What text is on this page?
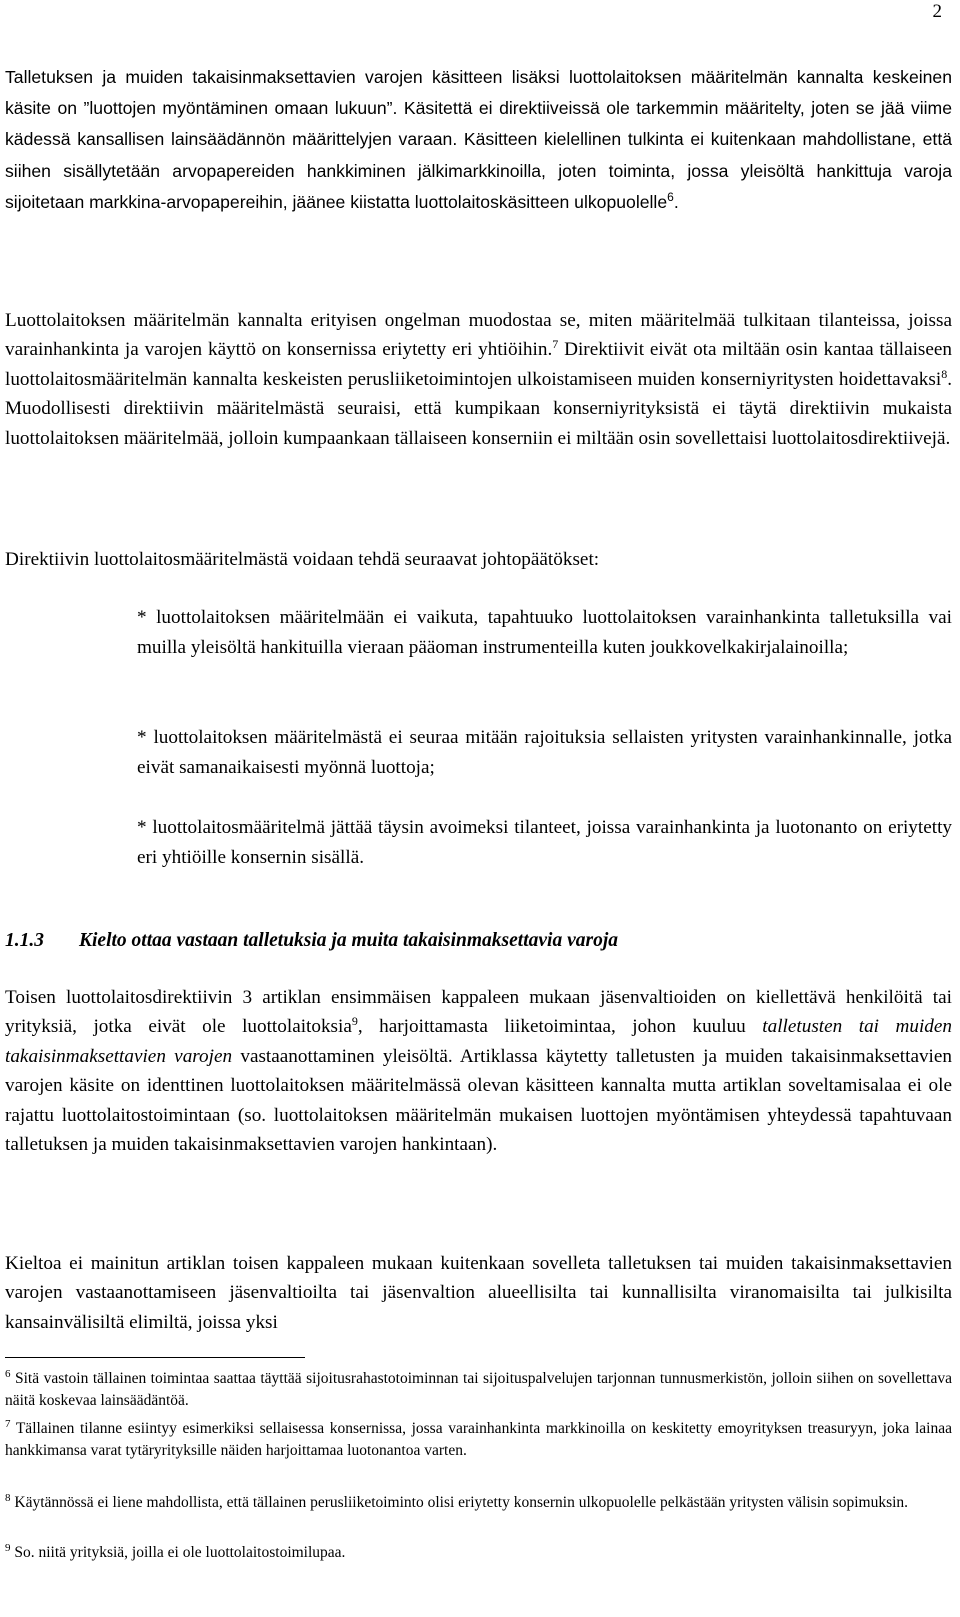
2

Talletuksen ja muiden takaisinmaksettavien varojen käsitteen lisäksi luottolaitoksen määritelmän kannalta keskeinen käsite on ”luottojen myöntäminen omaan lukuun”. Käsitettä ei direktiiveissä ole tarkemmin määritelty, joten se jää viime kädessä kansallisen lainsäädännön määrittelyjen varaan. Käsitteen kielellinen tulkinta ei kuitenkaan mahdollistane, että siihen sisällytetään arvopapereiden hankkiminen jälkimarkkinoilla, joten toiminta, jossa yleisöltä hankittuja varoja sijoitetaan markkina-arvopapereihin, jäänee kiistatta luottolaitoskäsitteen ulkopuolelle$^6$.

Luottolaitoksen määritelmän kannalta erityisen ongelman muodostaa se, miten määritelmää tulkitaan tilanteissa, joissa varainhankinta ja varojen käyttö on konsernissa eriytetty eri yhtiöihin.$^7$ Direktiivit eivät ota miltään osin kantaa tällaiseen luottolaitosmääritelmän kannalta keskeisten perusliiketoimintojen ulkoistamiseen muiden konserniyritysten hoidettavaksi$^8$. Muodollisesti direktiivin määritelmästä seuraisi, että kumpikaan konserniyrityksistä ei täytä direktiivin mukaista luottolaitoksen määritelmää, jolloin kumpaankaan tällaiseen konserniin ei miltään osin sovellettaisi luottolaitosdirektiivejä.

Direktiivin luottolaitosmääritelmästä voidaan tehdä seuraavat johtopäätökset:

* luottolaitoksen määritelmään ei vaikuta, tapahtuuko luottolaitoksen varainhankinta talletuksilla vai muilla yleisöltä hankituilla vieraan pääoman instrumenteilla kuten joukkovelkakirjalainoilla;

* luottolaitoksen määritelmästä ei seuraa mitään rajoituksia sellaisten yritysten varainhankinnalle, jotka eivät samanaikaisesti myönnä luottoja;

* luottolaitosmääritelmä jättää täysin avoimeksi tilanteet, joissa varainhankinta ja luotonanto on eriytetty eri yhtiöille konsernin sisällä.

1.1.3 Kielto ottaa vastaan talletuksia ja muita takaisinmaksettavia varoja

Toisen luottolaitosdirektiivin 3 artiklan ensimmäisen kappaleen mukaan jäsenvaltioiden on kiellettävä henkilöitä tai yrityksiä, jotka eivät ole luottolaitoksia$^9$, harjoittamasta liiketoimintaa, johon kuuluu talletusten tai muiden takaisinmaksettavien varojen vastaanottaminen yleisöltä. Artiklassa käytetty talletusten ja muiden takaisinmaksettavien varojen käsite on identtinen luottolaitoksen määritelmässä olevan käsitteen kannalta mutta artiklan soveltamisalaa ei ole rajattu luottolaitostoimintaan (so. luottolaitoksen määritelmän mukaisen luottojen myöntämisen yhteydessä tapahtuvaan talletuksen ja muiden takaisinmaksettavien varojen hankintaan).

Kieltoa ei mainitun artiklan toisen kappaleen mukaan kuitenkaan sovelleta talletuksen tai muiden takaisinmaksettavien varojen vastaanottamiseen jäsenvaltioilta tai jäsenvaltion alueellisilta tai kunnallisilta viranomaisilta tai julkisilta kansainvälisiltä elimiltä, joissa yksi

$^6$ Sitä vastoin tällainen toimintaa saattaa täyttää sijoitusrahastotoiminnan tai sijoituspalvelujen tarjonnan tunnusmerkistön, jolloin siihen on sovellettava näitä koskevaa lainsäädäntöä.

$^7$ Tällainen tilanne esiintyy esimerkiksi sellaisessa konsernissa, jossa varainhankinta markkinoilla on keskitetty emoyrityksen treasuryyn, joka lainaa hankkimansa varat tytäryrityksille näiden harjoittamaa luotonantoa varten.

$^8$ Käytännössä ei liene mahdollista, että tällainen perusliiketoiminto olisi eriytetty konsernin ulkopuolelle pelkästään yritysten välisin sopimuksin.

$^9$ So. niitä yrityksiä, joilla ei ole luottolaitostoimilupaa.
